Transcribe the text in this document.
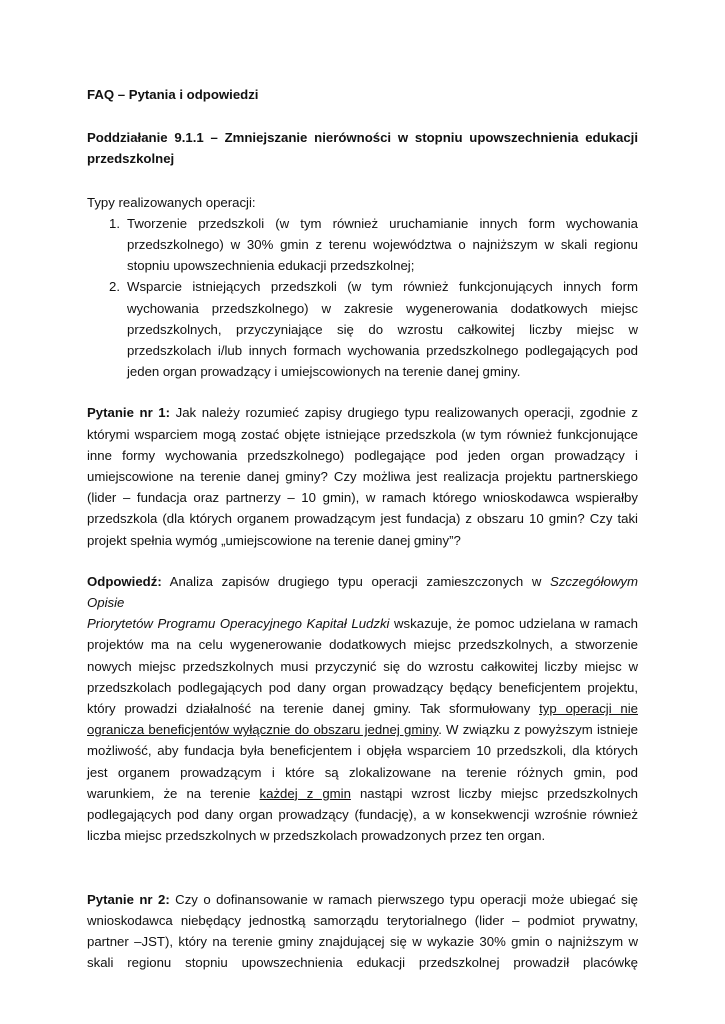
FAQ – Pytania i odpowiedzi
Poddziałanie 9.1.1 – Zmniejszanie nierówności w stopniu upowszechnienia edukacji
przedszkolnej
Typy realizowanych operacji:
1. Tworzenie przedszkoli (w tym również uruchamianie innych form wychowania
przedszkolnego) w 30% gmin z terenu województwa o najniższym w skali regionu
stopniu upowszechnienia edukacji przedszkolnej;
2. Wsparcie istniejących przedszkoli (w tym również funkcjonujących innych form
wychowania przedszkolnego) w zakresie wygenerowania dodatkowych miejsc
przedszkolnych, przyczyniające się do wzrostu całkowitej liczby miejsc w
przedszkolach i/lub innych formach wychowania przedszkolnego podlegających pod
jeden organ prowadzący i umiejscowionych na terenie danej gminy.
Pytanie nr 1: Jak należy rozumieć zapisy drugiego typu realizowanych operacji, zgodnie z
którymi wsparciem mogą zostać objęte istniejące przedszkola (w tym również funkcjonujące
inne formy wychowania przedszkolnego) podlegające pod jeden organ prowadzący i
umiejscowione na terenie danej gminy? Czy możliwa jest realizacja projektu partnerskiego
(lider – fundacja oraz partnerzy – 10 gmin), w ramach którego wnioskodawca wspierałby
przedszkola (dla których organem prowadzącym jest fundacja) z obszaru 10 gmin? Czy taki
projekt spełnia wymóg „umiejscowione na terenie danej gminy”?
Odpowiedź: Analiza zapisów drugiego typu operacji zamieszczonych w Szczegółowym Opisie
Priorytetów Programu Operacyjnego Kapitał Ludzki wskazuje, że pomoc udzielana w ramach
projektów ma na celu wygenerowanie dodatkowych miejsc przedszkolnych, a stworzenie
nowych miejsc przedszkolnych musi przyczynić się do wzrostu całkowitej liczby miejsc w
przedszkolach podlegających pod dany organ prowadzący będący beneficjentem projektu,
który prowadzi działalność na terenie danej gminy. Tak sformułowany typ operacji nie
ogranicza beneficjentów wyłącznie do obszaru jednej gminy. W związku z powyższym istnieje
możliwość, aby fundacja była beneficjentem i objęła wsparciem 10 przedszkoli, dla których
jest organem prowadzącym i które są zlokalizowane na terenie różnych gmin, pod
warunkiem, że na terenie każdej z gmin nastąpi wzrost liczby miejsc przedszkolnych
podlegających pod dany organ prowadzący (fundację), a w konsekwencji wzrośnie również
liczba miejsc przedszkolnych w przedszkolach prowadzonych przez ten organ.
Pytanie nr 2: Czy o dofinansowanie w ramach pierwszego typu operacji może ubiegać się
wnioskodawca niebędący jednostką samorządu terytorialnego (lider – podmiot prywatny,
partner –JST), który na terenie gminy znajdującej się w wykazie 30% gmin o najniższym w
skali regionu stopniu upowszechnienia edukacji przedszkolnej prowadził placówkę
